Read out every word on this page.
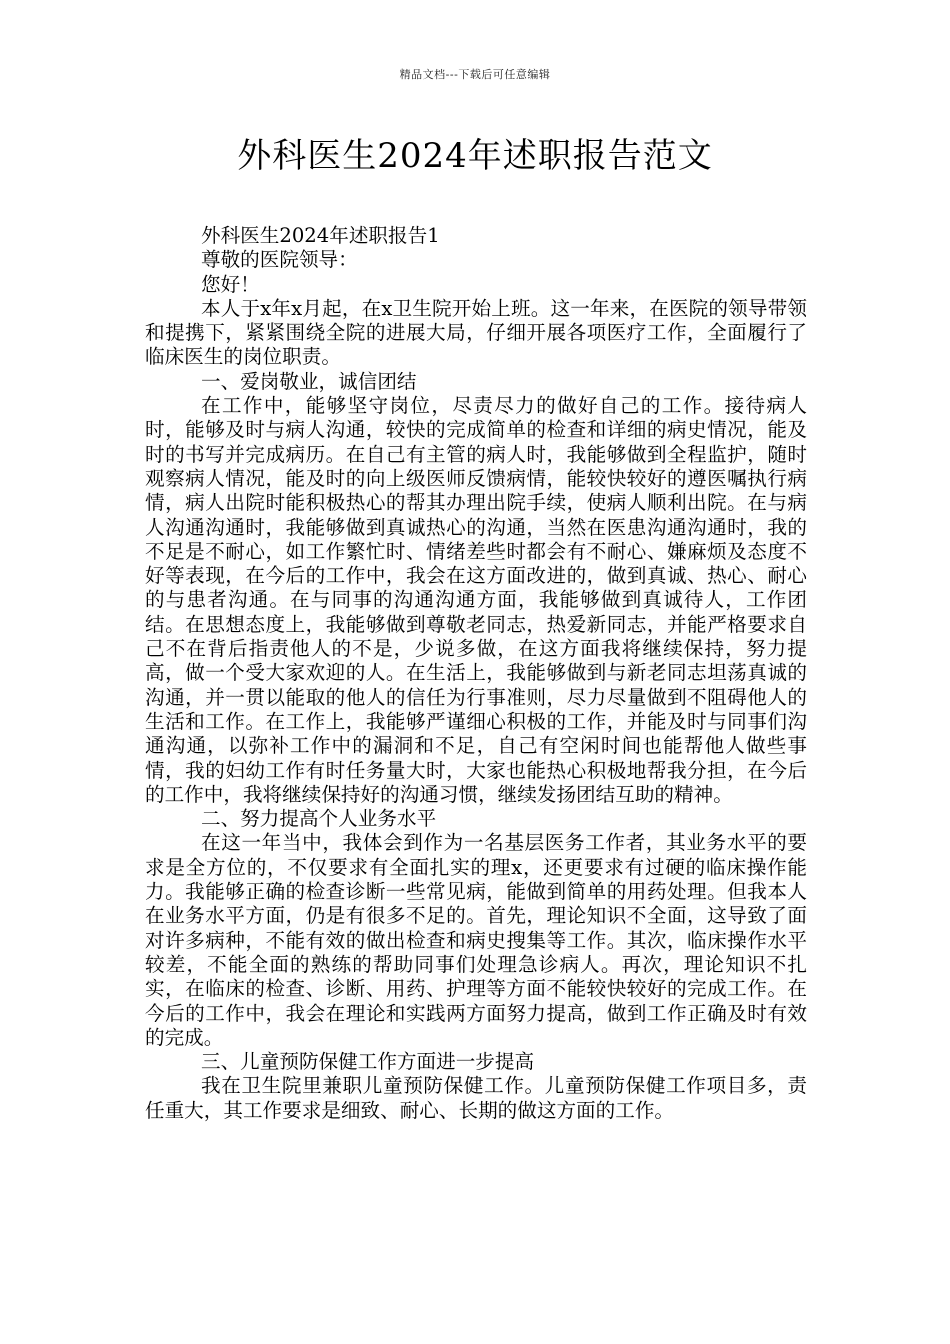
精品文档---下载后可任意编辑
外科医生2024年述职报告范文

外科医生2024年述职报告1

尊敬的医院领导：

您好！

本人于x年x月起，在x卫生院开始上班。这一年来，在医院的领导带领和提携下，紧紧围绕全院的进展大局，仔细开展各项医疗工作，全面履行了临床医生的岗位职责。

一、爱岗敬业，诚信团结

在工作中，能够坚守岗位，尽责尽力的做好自己的工作。接待病人时，能够及时与病人沟通，较快的完成简单的检查和详细的病史情况，能及时的书写并完成病历。在自己有主管的病人时，我能够做到全程监护，随时观察病人情况，能及时的向上级医师反馈病情，能较快较好的遵医嘱执行病情，病人出院时能积极热心的帮其办理出院手续，使病人顺利出院。在与病人沟通沟通时，我能够做到真诚热心的沟通，当然在医患沟通沟通时，我的不足是不耐心，如工作繁忙时、情绪差些时都会有不耐心、嫌麻烦及态度不好等表现，在今后的工作中，我会在这方面改进的，做到真诚、热心、耐心的与患者沟通。在与同事的沟通沟通方面，我能够做到真诚待人，工作团结。在思想态度上，我能够做到尊敬老同志，热爱新同志，并能严格要求自己不在背后指责他人的不是，少说多做，在这方面我将继续保持，努力提高，做一个受大家欢迎的人。在生活上，我能够做到与新老同志坦荡真诚的沟通，并一贯以能取的他人的信任为行事准则，尽力尽量做到不阻碍他人的生活和工作。在工作上，我能够严谨细心积极的工作，并能及时与同事们沟通沟通，以弥补工作中的漏洞和不足，自己有空闲时间也能帮他人做些事情，我的妇幼工作有时任务量大时，大家也能热心积极地帮我分担，在今后的工作中，我将继续保持好的沟通习惯，继续发扬团结互助的精神。

二、努力提高个人业务水平

在这一年当中，我体会到作为一名基层医务工作者，其业务水平的要求是全方位的，不仅要求有全面扎实的理x，还更要求有过硬的临床操作能力。我能够正确的检查诊断一些常见病，能做到简单的用药处理。但我本人在业务水平方面，仍是有很多不足的。首先，理论知识不全面，这导致了面对许多病种，不能有效的做出检查和病史搜集等工作。其次，临床操作水平较差，不能全面的熟练的帮助同事们处理急诊病人。再次，理论知识不扎实，在临床的检查、诊断、用药、护理等方面不能较快较好的完成工作。在今后的工作中，我会在理论和实践两方面努力提高，做到工作正确及时有效的完成。

三、儿童预防保健工作方面进一步提高

我在卫生院里兼职儿童预防保健工作。儿童预防保健工作项目多，责任重大，其工作要求是细致、耐心、长期的做这方面的工作。
